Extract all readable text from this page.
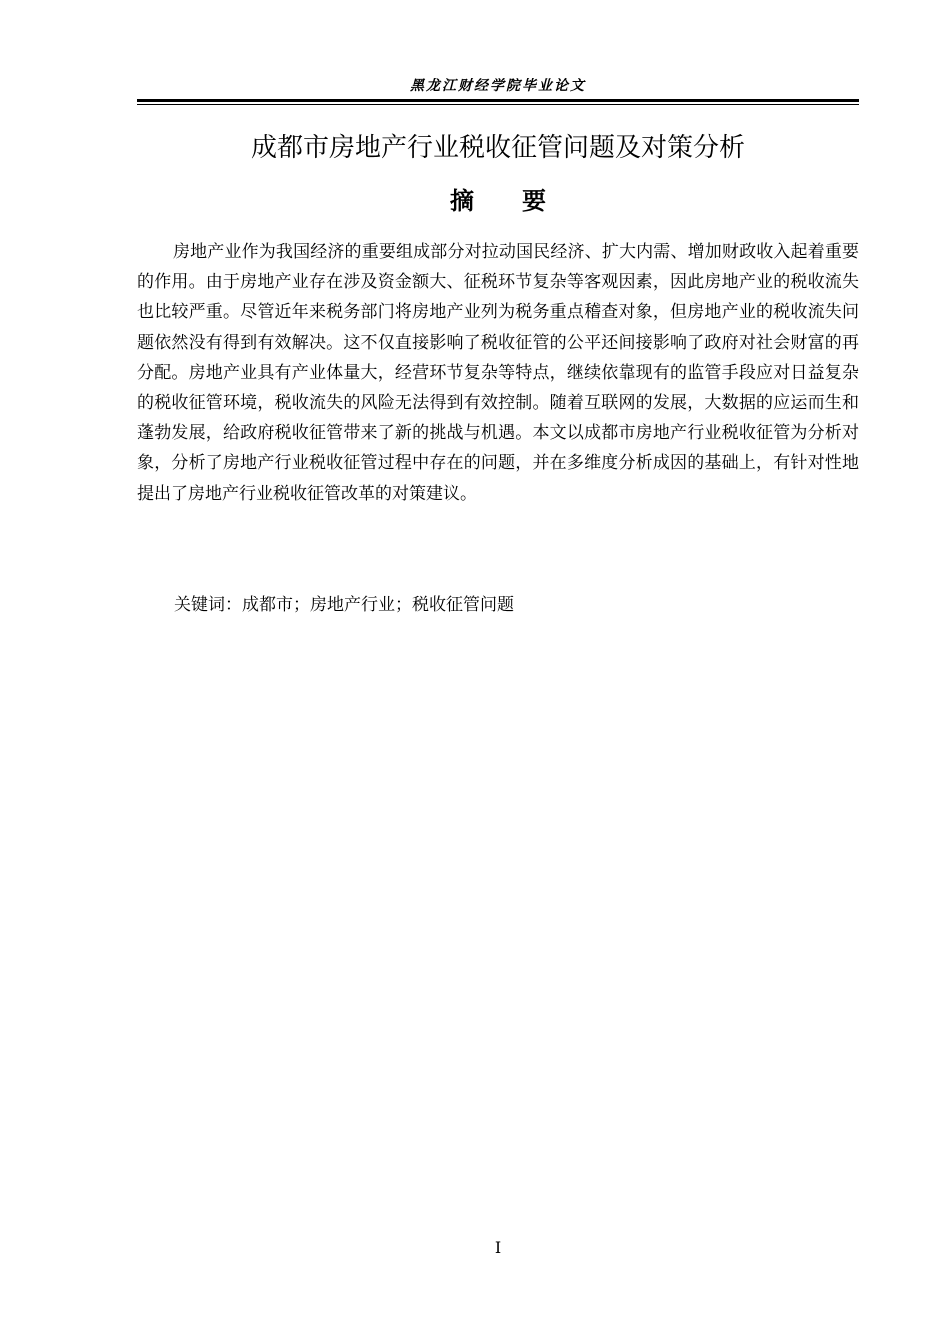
黑龙江财经学院毕业论文
成都市房地产行业税收征管问题及对策分析
摘 要

房地产业作为我国经济的重要组成部分对拉动国民经济、扩大内需、增加财政收入起着重要的作用。由于房地产业存在涉及资金额大、征税环节复杂等客观因素，因此房地产业的税收流失也比较严重。尽管近年来税务部门将房地产业列为税务重点稽查对象，但房地产业的税收流失问题依然没有得到有效解决。这不仅直接影响了税收征管的公平还间接影响了政府对社会财富的再分配。房地产业具有产业体量大，经营环节复杂等特点，继续依靠现有的监管手段应对日益复杂的税收征管环境，税收流失的风险无法得到有效控制。随着互联网的发展，大数据的应运而生和蓬勃发展，给政府税收征管带来了新的挑战与机遇。本文以成都市房地产行业税收征管为分析对象，分析了房地产行业税收征管过程中存在的问题，并在多维度分析成因的基础上，有针对性地提出了房地产行业税收征管改革的对策建议。

关键词：成都市；房地产行业；税收征管问题
I
